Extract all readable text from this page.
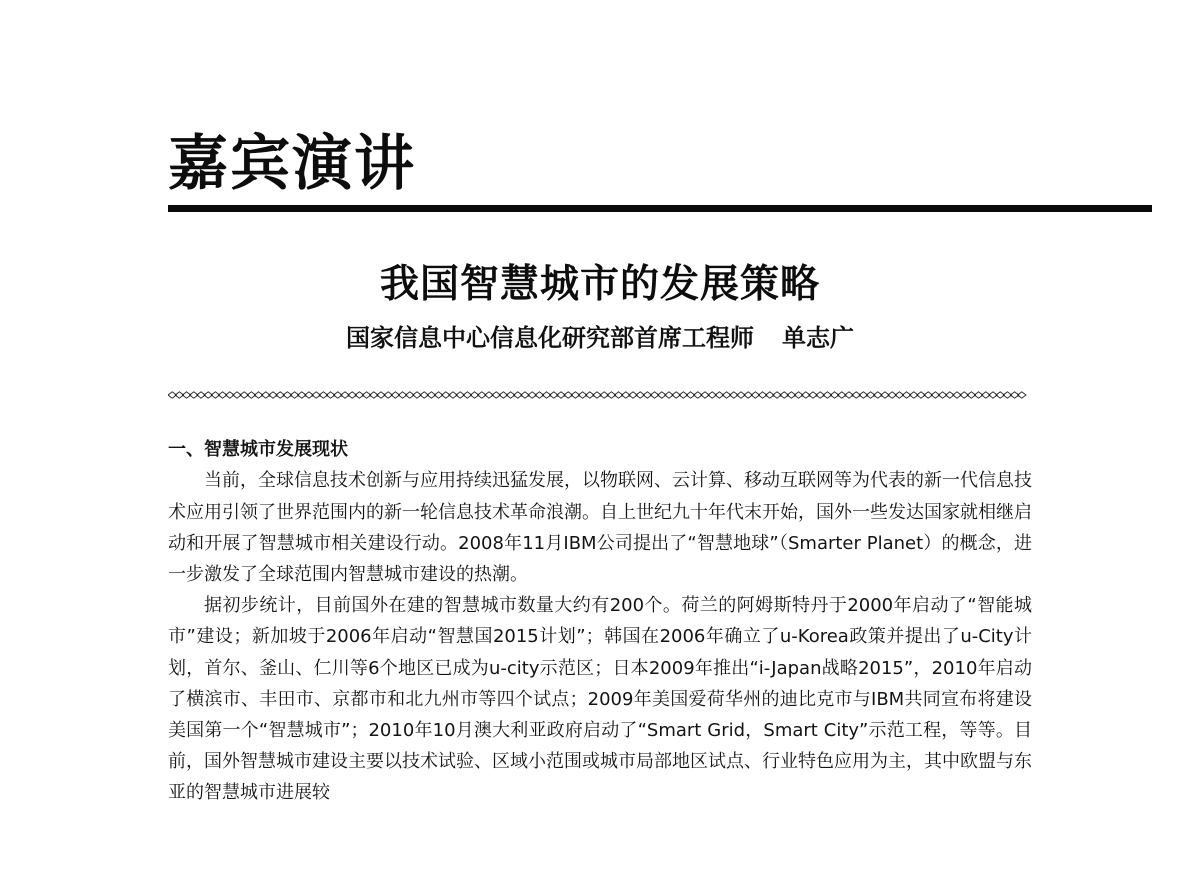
嘉宾演讲
我国智慧城市的发展策略
国家信息中心信息化研究部首席工程师 单志广
一、智慧城市发展现状

当前，全球信息技术创新与应用持续迅猛发展，以物联网、云计算、移动互联网等为代表的新一代信息技术应用引领了世界范围内的新一轮信息技术革命浪潮。自上世纪九十年代末开始，国外一些发达国家就相继启动和开展了智慧城市相关建设行动。2008年11月IBM公司提出了“智慧地球”（Smarter Planet）的概念，进一步激发了全球范围内智慧城市建设的热潮。

据初步统计，目前国外在建的智慧城市数量大约有200个。荷兰的阿姆斯特丹于2000年启动了“智能城市”建设；新加坡于2006年启动“智慧国2015计划”；韩国在2006年确立了u-Korea政策并提出了u-City计划，首尔、釜山、仁川等6个地区已成为u-city示范区；日本2009年推出“i-Japan战略2015”，2010年启动了横滨市、丰田市、京都市和北九州市等四个试点；2009年美国爱荷华州的迪比克市与IBM共同宣布将建设美国第一个“智慧城市”；2010年10月澳大利亚政府启动了“Smart Grid，Smart City”示范工程，等等。目前，国外智慧城市建设主要以技术试验、区域小范围或城市局部地区试点、行业特色应用为主，其中欧盟与东亚的智慧城市进展较
